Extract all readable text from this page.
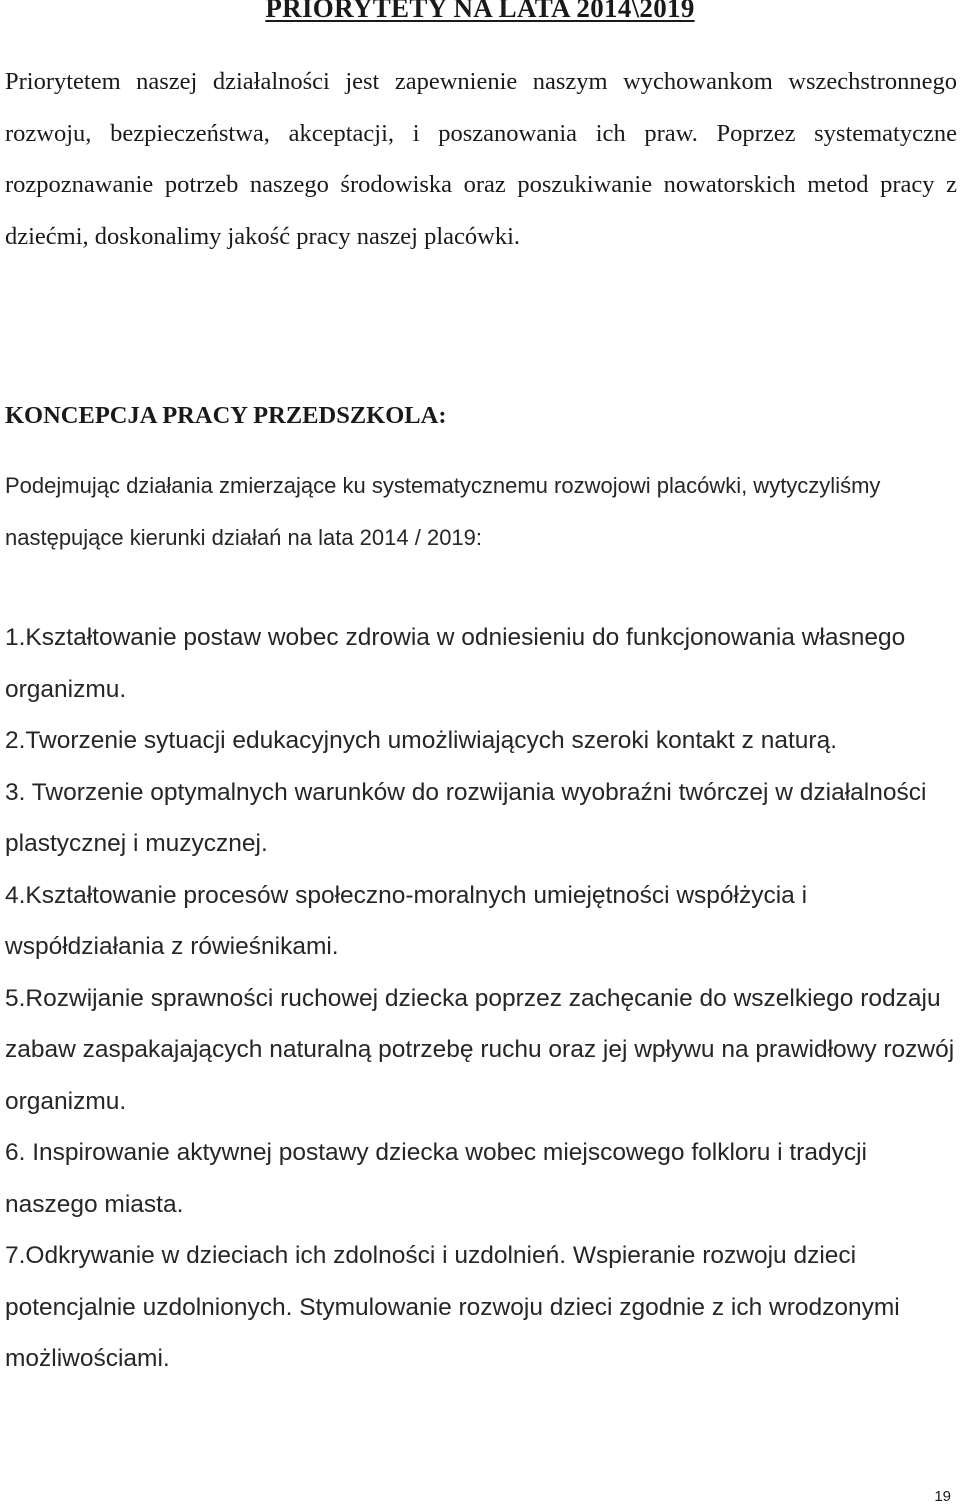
PRIORYTETY NA LATA 2014\2019

Priorytetem naszej działalności jest zapewnienie naszym wychowankom wszechstronnego rozwoju, bezpieczeństwa, akceptacji, i poszanowania ich praw. Poprzez systematyczne rozpoznawanie potrzeb naszego środowiska oraz poszukiwanie nowatorskich metod pracy z dziećmi, doskonalimy jakość pracy naszej placówki.

KONCEPCJA PRACY PRZEDSZKOLA:

Podejmując działania zmierzające ku systematycznemu rozwojowi placówki, wytyczyliśmy następujące kierunki działań na lata 2014 / 2019:

1.Kształtowanie postaw wobec zdrowia w odniesieniu do funkcjonowania własnego organizmu.
2.Tworzenie sytuacji edukacyjnych umożliwiających szeroki kontakt z naturą.
3. Tworzenie optymalnych warunków do rozwijania wyobraźni twórczej w działalności plastycznej i muzycznej.
4.Kształtowanie procesów społeczno-moralnych umiejętności współżycia i współdziałania z rówieśnikami.
5.Rozwijanie sprawności ruchowej dziecka poprzez zachęcanie do wszelkiego rodzaju zabaw zaspakajających naturalną potrzebę ruchu oraz jej wpływu na prawidłowy rozwój organizmu.
6. Inspirowanie aktywnej postawy dziecka wobec miejscowego folkloru i tradycji naszego miasta.
7.Odkrywanie w dzieciach ich zdolności i uzdolnień. Wspieranie rozwoju dzieci potencjalnie uzdolnionych. Stymulowanie rozwoju dzieci zgodnie z ich wrodzonymi możliwościami.

19
